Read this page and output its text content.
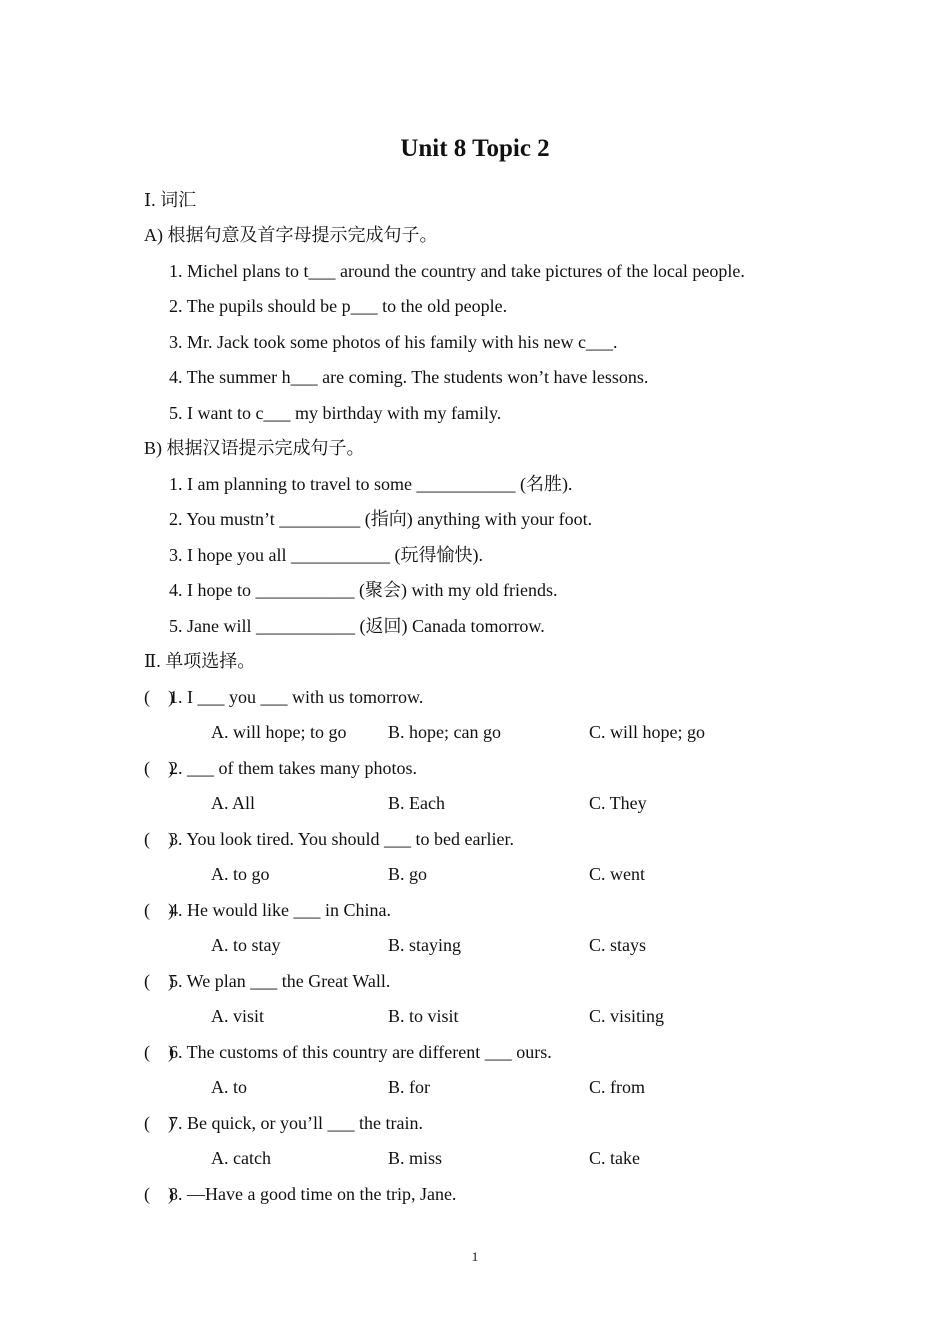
Unit 8 Topic 2
Ⅰ. 词汇
A) 根据句意及首字母提示完成句子。
1. Michel plans to t___ around the country and take pictures of the local people.
2. The pupils should be p___ to the old people.
3. Mr. Jack took some photos of his family with his new c___.
4. The summer h___ are coming. The students won’t have lessons.
5. I want to c___ my birthday with my family.
B) 根据汉语提示完成句子。
1. I am planning to travel to some ___________ (名胜).
2. You mustn’t _________ (指向) anything with your foot.
3. I hope you all ___________ (玩得愉快).
4. I hope to ___________ (聚会) with my old friends.
5. Jane will ___________ (返回) Canada tomorrow.
Ⅱ. 单项选择。
(    )
1. I ___ you ___ with us tomorrow.
A. will hope; to go B. hope; can go	C. will hope; go
(    )
2. ___ of them takes many photos.
A. All	B. Each	C. They
(    )
3. You look tired. You should ___ to bed earlier.
A. to go	B. go	C. went
(    )
4. He would like ___ in China.
A. to stay	B. staying	C. stays
(    )
5. We plan ___ the Great Wall.
A. visit	B. to visit	C. visiting
(    )
6. The customs of this country are different ___ ours.
A. to	B. for	C. from
(    )
7. Be quick, or you’ll ___ the train.
A. catch	B. miss	C. take
(    )
8. —Have a good time on the trip, Jane.
1
